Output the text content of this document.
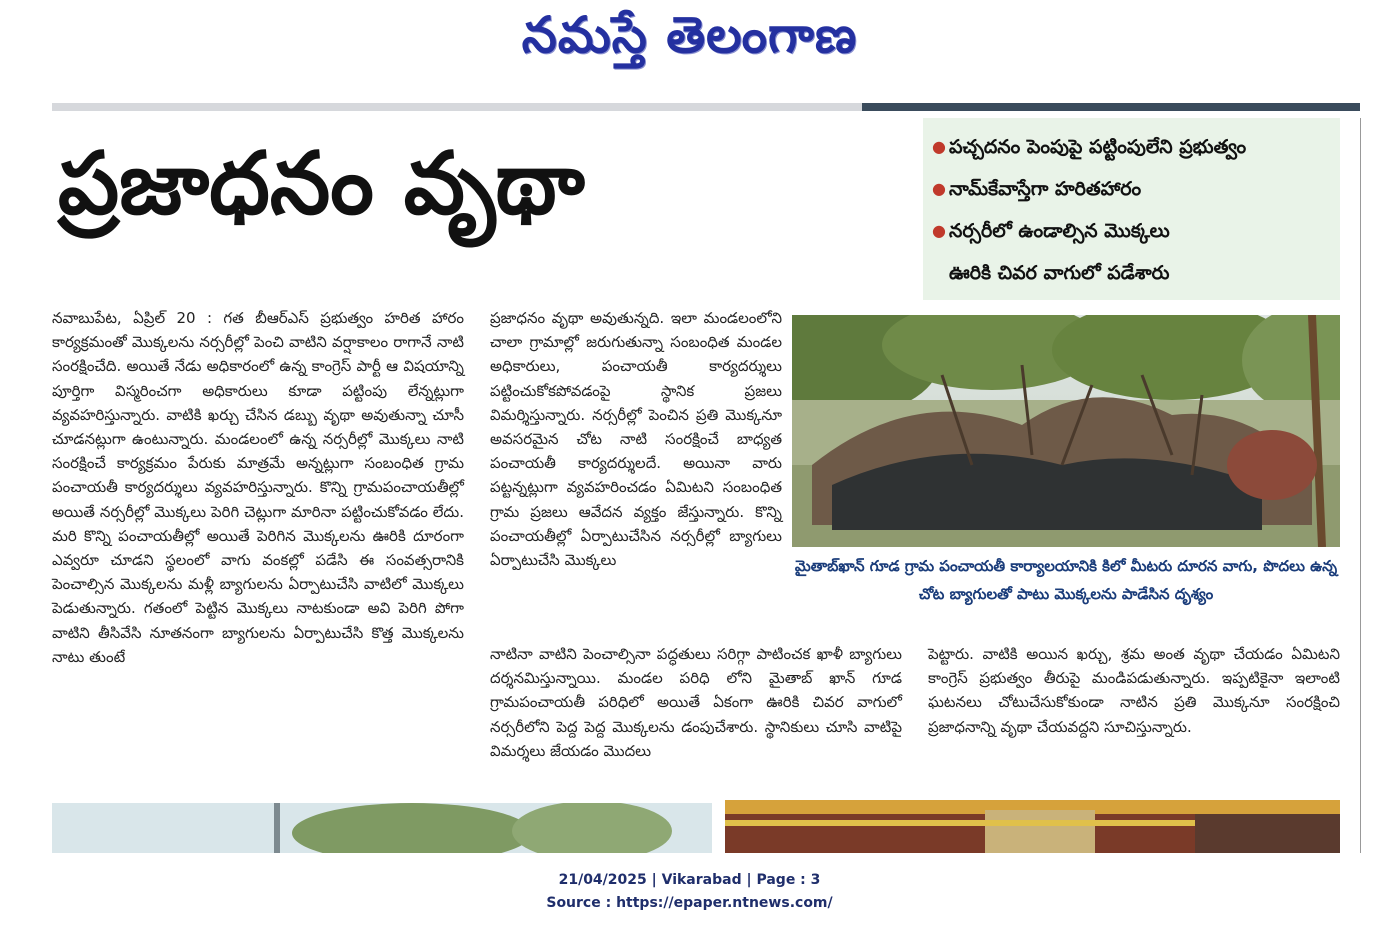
నమస్తే తెలంగాణ
ప్రజాధనం వృథా	● పచ్చదనం పెంపుపై పట్టింపులేని ప్రభుత్వం
● నామ్‌కేవాస్తేగా హరితహారం
● నర్సరీలో ఉండాల్సిన మొక్కలు
ఊరికి చివర వాగులో పడేశారు

నవాబుపేట, ఏప్రిల్ 20 : గత బీఆర్ఎస్ ప్రభుత్వం హరిత హారం కార్యక్రమంతో మొక్కలను నర్సరీల్లో పెంచి వాటిని వర్షాకాలం రాగానే నాటి సంరక్షించేది. అయితే నేడు అధికారంలో ఉన్న కాంగ్రెస్ పార్టీ ఆ విషయాన్ని పూర్తిగా విస్మరించగా అధికారులు కూడా పట్టింపు లేన్నట్లుగా వ్యవహరిస్తున్నారు. వాటికి ఖర్చు చేసిన డబ్బు వృథా అవుతున్నా చూసీ చూడనట్లుగా ఉంటున్నారు. మండలంలో ఉన్న నర్సరీల్లో మొక్కలు నాటి సంరక్షించే కార్యక్రమం పేరుకు మాత్రమే అన్నట్లుగా సంబంధిత గ్రామ పంచాయతీ కార్యదర్శులు వ్యవహరిస్తున్నారు. కొన్ని గ్రామపంచాయతీల్లో అయితే నర్సరీల్లో మొక్కలు పెరిగి చెట్లుగా మారినా పట్టించుకోవడం లేదు. మరి కొన్ని పంచాయతీల్లో అయితే పెరిగిన మొక్కలను ఊరికి దూరంగా ఎవ్వరూ చూడని స్థలంలో వాగు వంకల్లో పడేసి ఈ సంవత్సరానికి పెంచాల్సిన మొక్కలను మళ్లీ బ్యాగులను ఏర్పాటుచేసి వాటిలో మొక్కలు పెడుతున్నారు. గతంలో పెట్టిన మొక్కలు నాటకుండా అవి పెరిగి పోగా వాటిని తీసివేసి నూతనంగా బ్యాగులను ఏర్పాటుచేసి కొత్త మొక్కలను నాటు తుంటే

ప్రజాధనం వృథా అవుతున్నది. ఇలా మండలంలోని చాలా గ్రామాల్లో జరుగుతున్నా సంబంధిత మండల అధికారులు, పంచాయతీ కార్యదర్శులు పట్టించుకోకపోవడంపై స్థానిక ప్రజలు విమర్శిస్తున్నారు. నర్సరీల్లో పెంచిన ప్రతి మొక్కనూ అవసరమైన చోట నాటి సంరక్షించే బాధ్యత పంచాయతీ కార్యదర్శులదే. అయినా వారు పట్టన్నట్లుగా వ్యవహరించడం ఏమిటని సంబంధిత గ్రామ ప్రజలు ఆవేదన వ్యక్తం జేస్తున్నారు. కొన్ని పంచాయతీల్లో ఏర్పాటుచేసిన నర్సరీల్లో బ్యాగులు ఏర్పాటుచేసి మొక్కలు

నాటినా వాటిని పెంచాల్సినా పద్ధతులు సరిగ్గా పాటించక ఖాళీ బ్యాగులు దర్శనమిస్తున్నాయి. మండల పరిధి లోని మైతాబ్ ఖాన్ గూడ గ్రామపంచాయతీ పరిధిలో అయితే ఏకంగా ఊరికి చివర వాగులో నర్సరీలోని పెద్ద పెద్ద మొక్కలను డంపుచేశారు. స్థానికులు చూసి వాటిపై విమర్శలు జేయడం మొదలు

పెట్టారు. వాటికి అయిన ఖర్చు, శ్రమ అంత వృథా చేయడం ఏమిటని కాంగ్రెస్ ప్రభుత్వం తీరుపై మండిపడుతున్నారు. ఇప్పటికైనా ఇలాంటి ఘటనలు చోటుచేసుకోకుండా నాటిన ప్రతి మొక్కనూ సంరక్షించి ప్రజాధనాన్ని వృథా చేయవద్దని సూచిస్తున్నారు.

మైతాబ్‌ఖాన్ గూడ గ్రామ పంచాయతీ కార్యాలయానికి కిలో మీటరు దూరన వాగు, పొదలు ఉన్న చోట బ్యాగులతో పాటు మొక్కలను పాడేసిన దృశ్యం
21/04/2025 | Vikarabad | Page : 3
Source : https://epaper.ntnews.com/
